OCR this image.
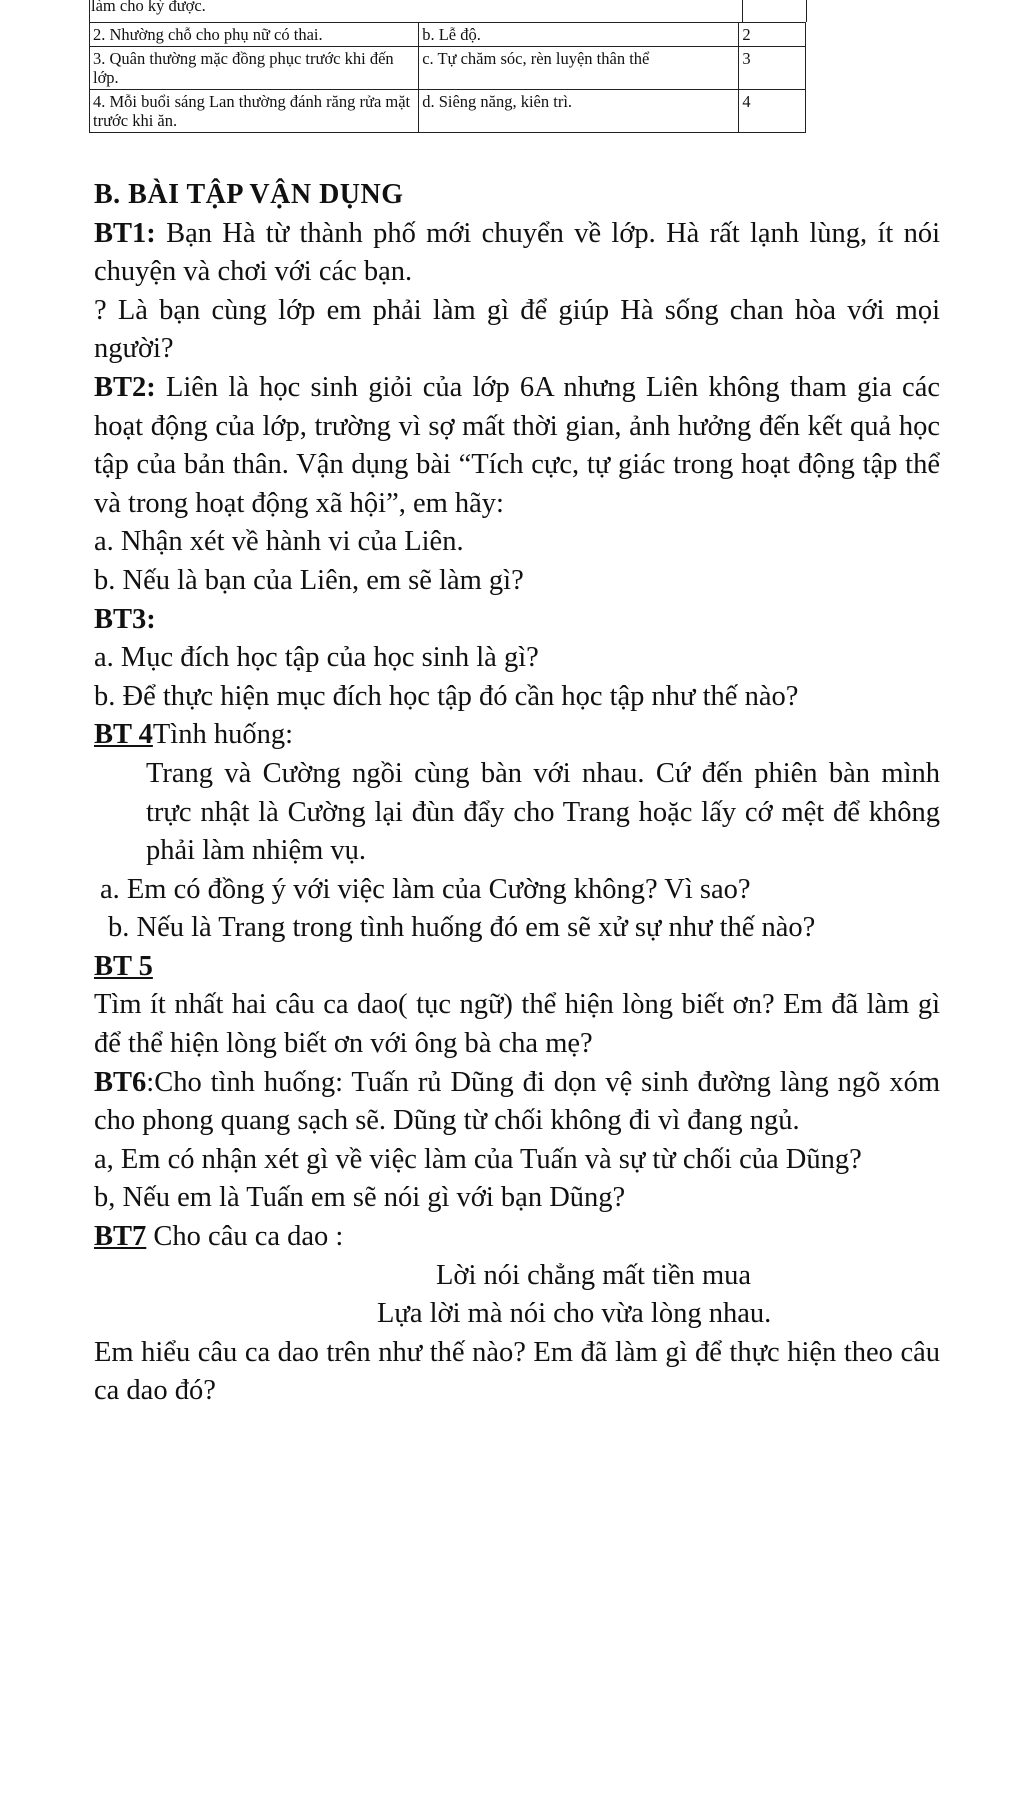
làm cho kỳ được.
2. Nhường chỗ cho phụ nữ có thai.	b. Lễ độ.	2
3. Quân thường mặc đồng phục trước khi đến lớp.	c. Tự chăm sóc, rèn luyện thân thể	3
4. Mỗi buổi sáng Lan thường đánh răng rửa mặt trước khi ăn.	d. Siêng năng, kiên trì.	4

B. BÀI TẬP VẬN DỤNG

BT1: Bạn Hà từ thành phố mới chuyển về lớp. Hà rất lạnh lùng, ít nói chuyện và chơi với các bạn.

? Là bạn cùng lớp em phải làm gì để giúp Hà sống chan hòa với mọi người?

BT2: Liên là học sinh giỏi của lớp 6A nhưng Liên không tham gia các hoạt động của lớp, trường vì sợ mất thời gian, ảnh hưởng đến kết quả học tập của bản thân. Vận dụng bài “Tích cực, tự giác trong hoạt động tập thể và trong hoạt động xã hội”, em hãy:

a. Nhận xét về hành vi của Liên.

b. Nếu là bạn của Liên, em sẽ làm gì?

BT3:

a. Mục đích học tập của học sinh là gì?

b. Để thực hiện mục đích học tập đó cần học tập như thế nào?

BT 4Tình huống:

Trang và Cường ngồi cùng bàn với nhau. Cứ đến phiên bàn mình trực nhật là Cường lại đùn đẩy cho Trang hoặc lấy cớ mệt để không phải làm nhiệm vụ.

a. Em có đồng ý với việc làm của Cường không? Vì sao?

b. Nếu là Trang trong tình huống đó em sẽ xử sự như thế nào?

BT 5

Tìm ít nhất hai câu ca dao( tục ngữ) thể hiện lòng biết ơn? Em đã làm gì để thể hiện lòng biết ơn với ông bà cha mẹ?

BT6:Cho tình huống: Tuấn rủ Dũng đi dọn vệ sinh đường làng ngõ xóm cho phong quang sạch sẽ. Dũng từ chối không đi vì đang ngủ.

a, Em có nhận xét gì về việc làm của Tuấn và sự từ chối của Dũng?

b, Nếu em là Tuấn em sẽ nói gì với bạn Dũng?

BT7 Cho câu ca dao :

Lời nói chẳng mất tiền mua

Lựa lời mà nói cho vừa lòng nhau.

Em hiểu câu ca dao trên như thế nào? Em đã làm gì để thực hiện theo câu ca dao đó?
